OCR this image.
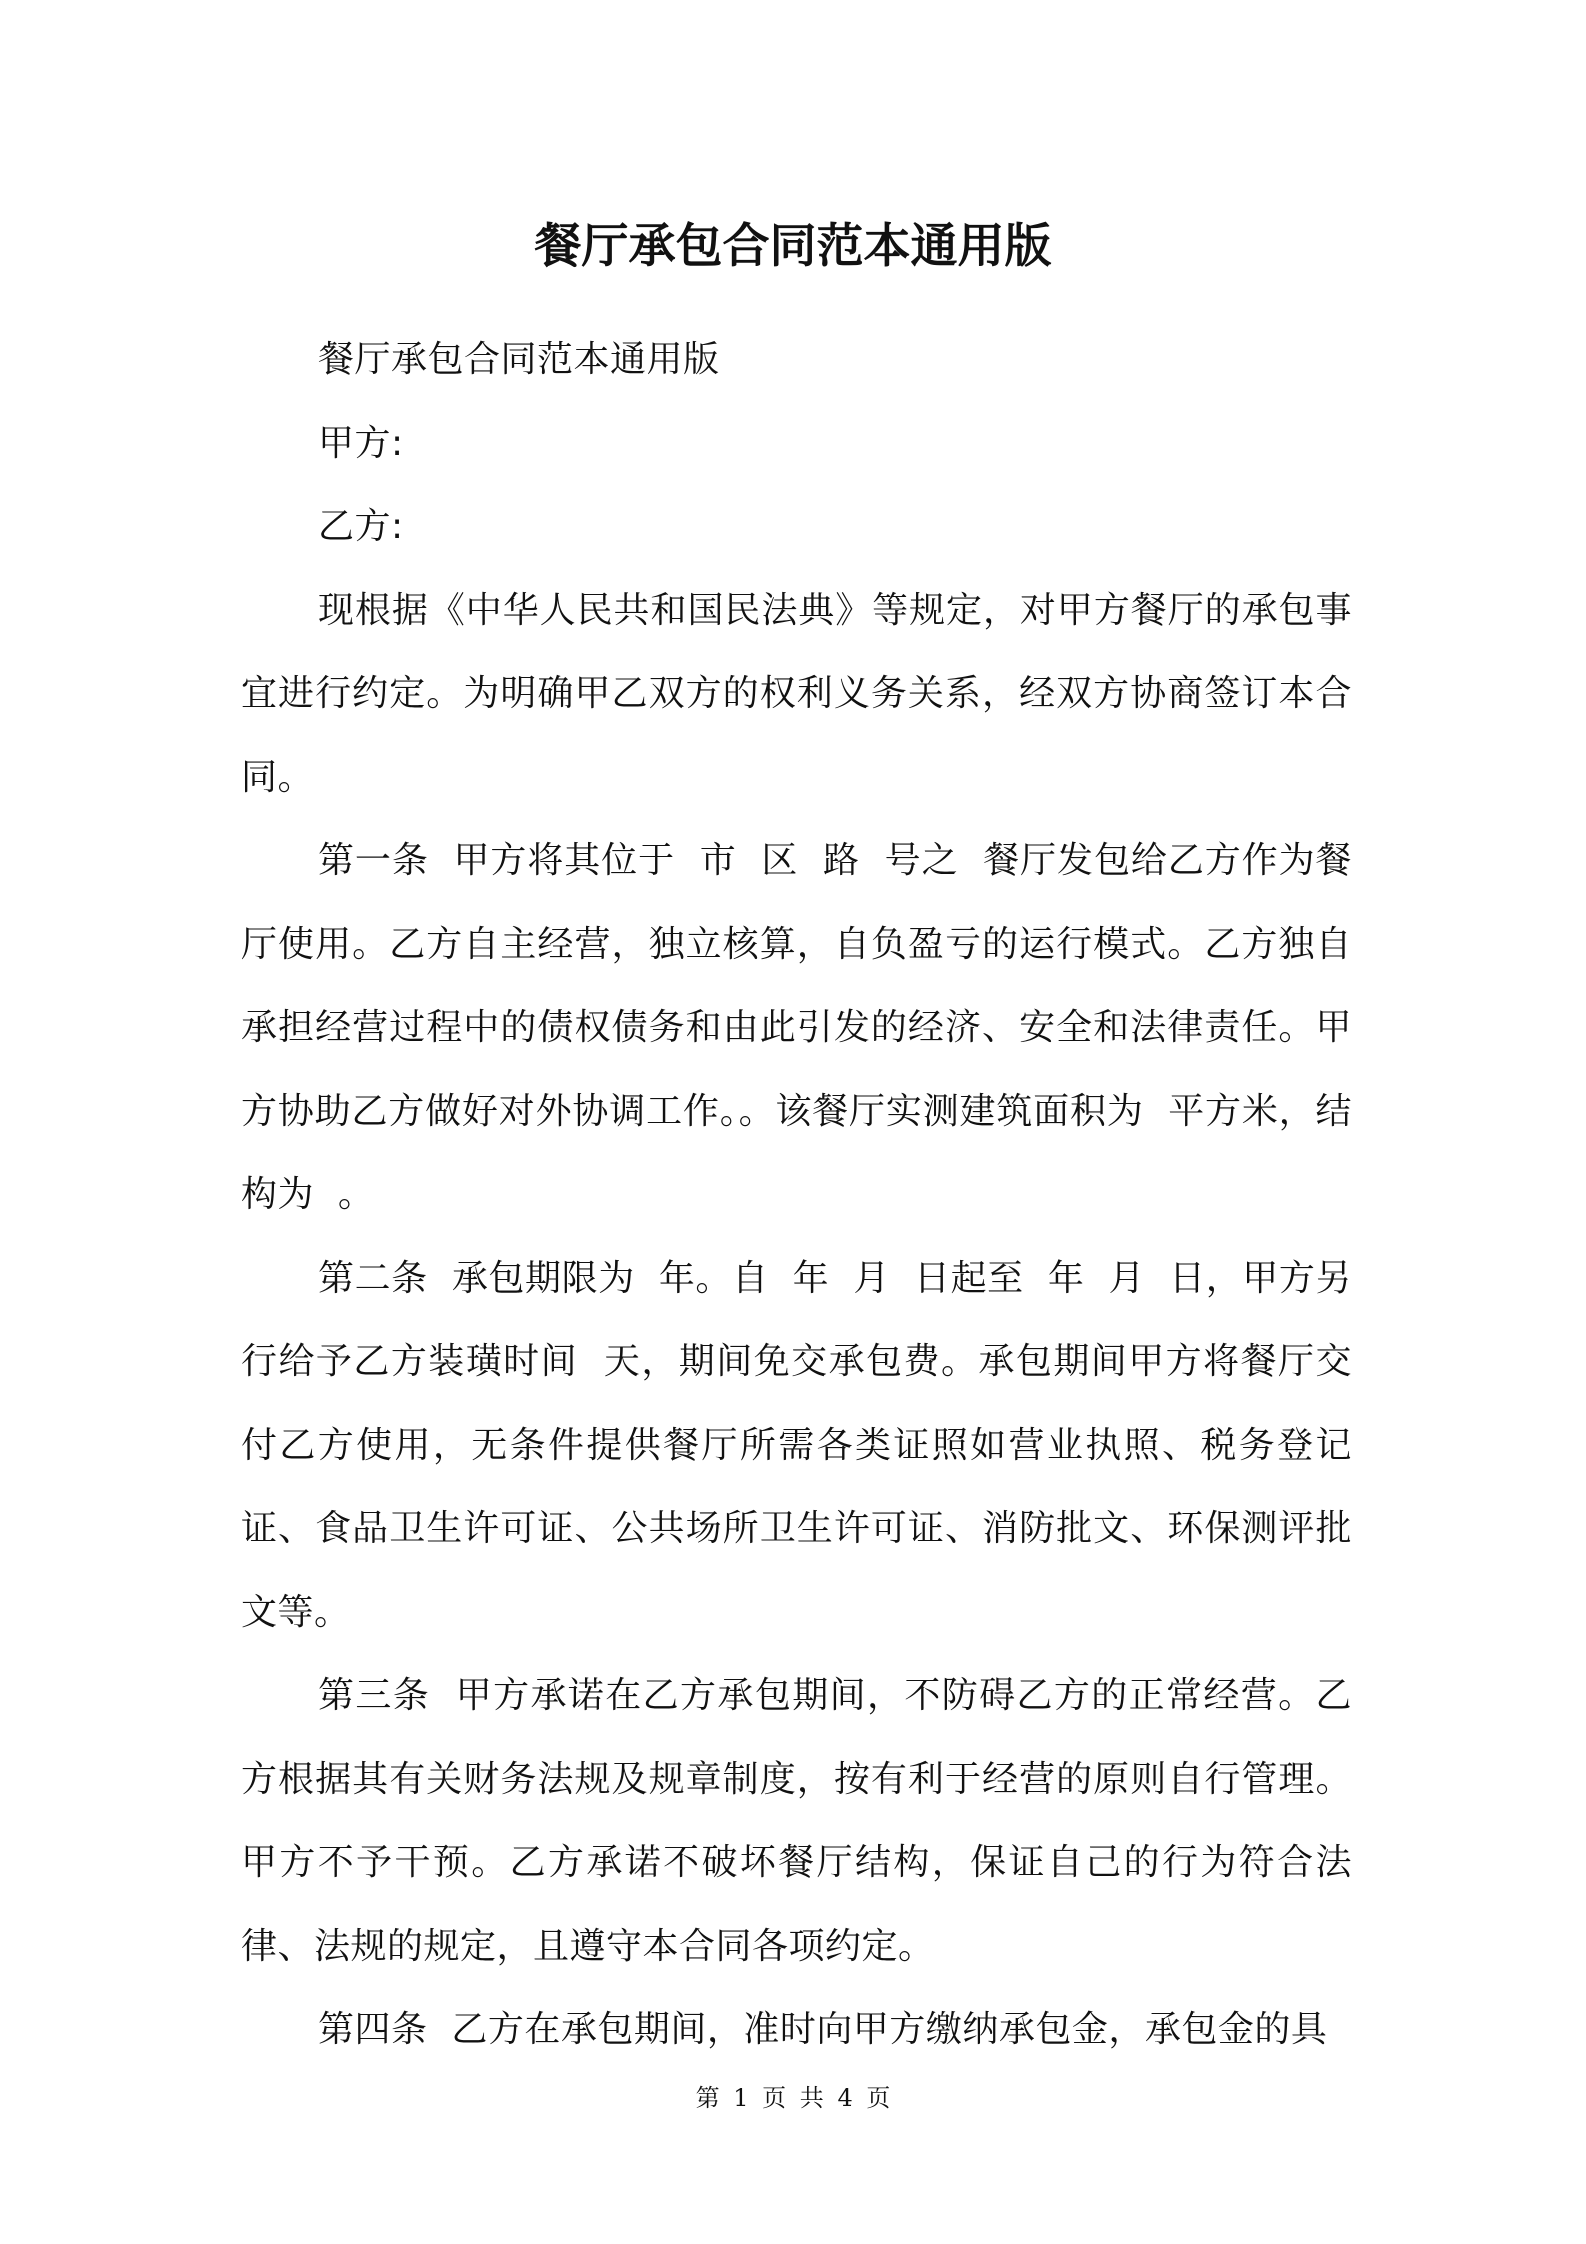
餐厅承包合同范本通用版

餐厅承包合同范本通用版

甲方:

乙方:

现根据《中华人民共和国民法典》等规定，对甲方餐厅的承包事宜进行约定。为明确甲乙双方的权利义务关系，经双方协商签订本合同。

第一条  甲方将其位于  市  区  路  号之  餐厅发包给乙方作为餐厅使用。乙方自主经营，独立核算，自负盈亏的运行模式。乙方独自承担经营过程中的债权债务和由此引发的经济、安全和法律责任。甲方协助乙方做好对外协调工作。。该餐厅实测建筑面积为  平方米，结构为  。

第二条  承包期限为  年。自  年  月  日起至  年  月  日，甲方另行给予乙方装璜时间  天，期间免交承包费。承包期间甲方将餐厅交付乙方使用，无条件提供餐厅所需各类证照如营业执照、税务登记证、食品卫生许可证、公共场所卫生许可证、消防批文、环保测评批文等。

第三条  甲方承诺在乙方承包期间，不防碍乙方的正常经营。乙方根据其有关财务法规及规章制度，按有利于经营的原则自行管理。甲方不予干预。乙方承诺不破坏餐厅结构，保证自己的行为符合法律、法规的规定，且遵守本合同各项约定。

第四条  乙方在承包期间，准时向甲方缴纳承包金，承包金的具

第 1 页 共 4 页
